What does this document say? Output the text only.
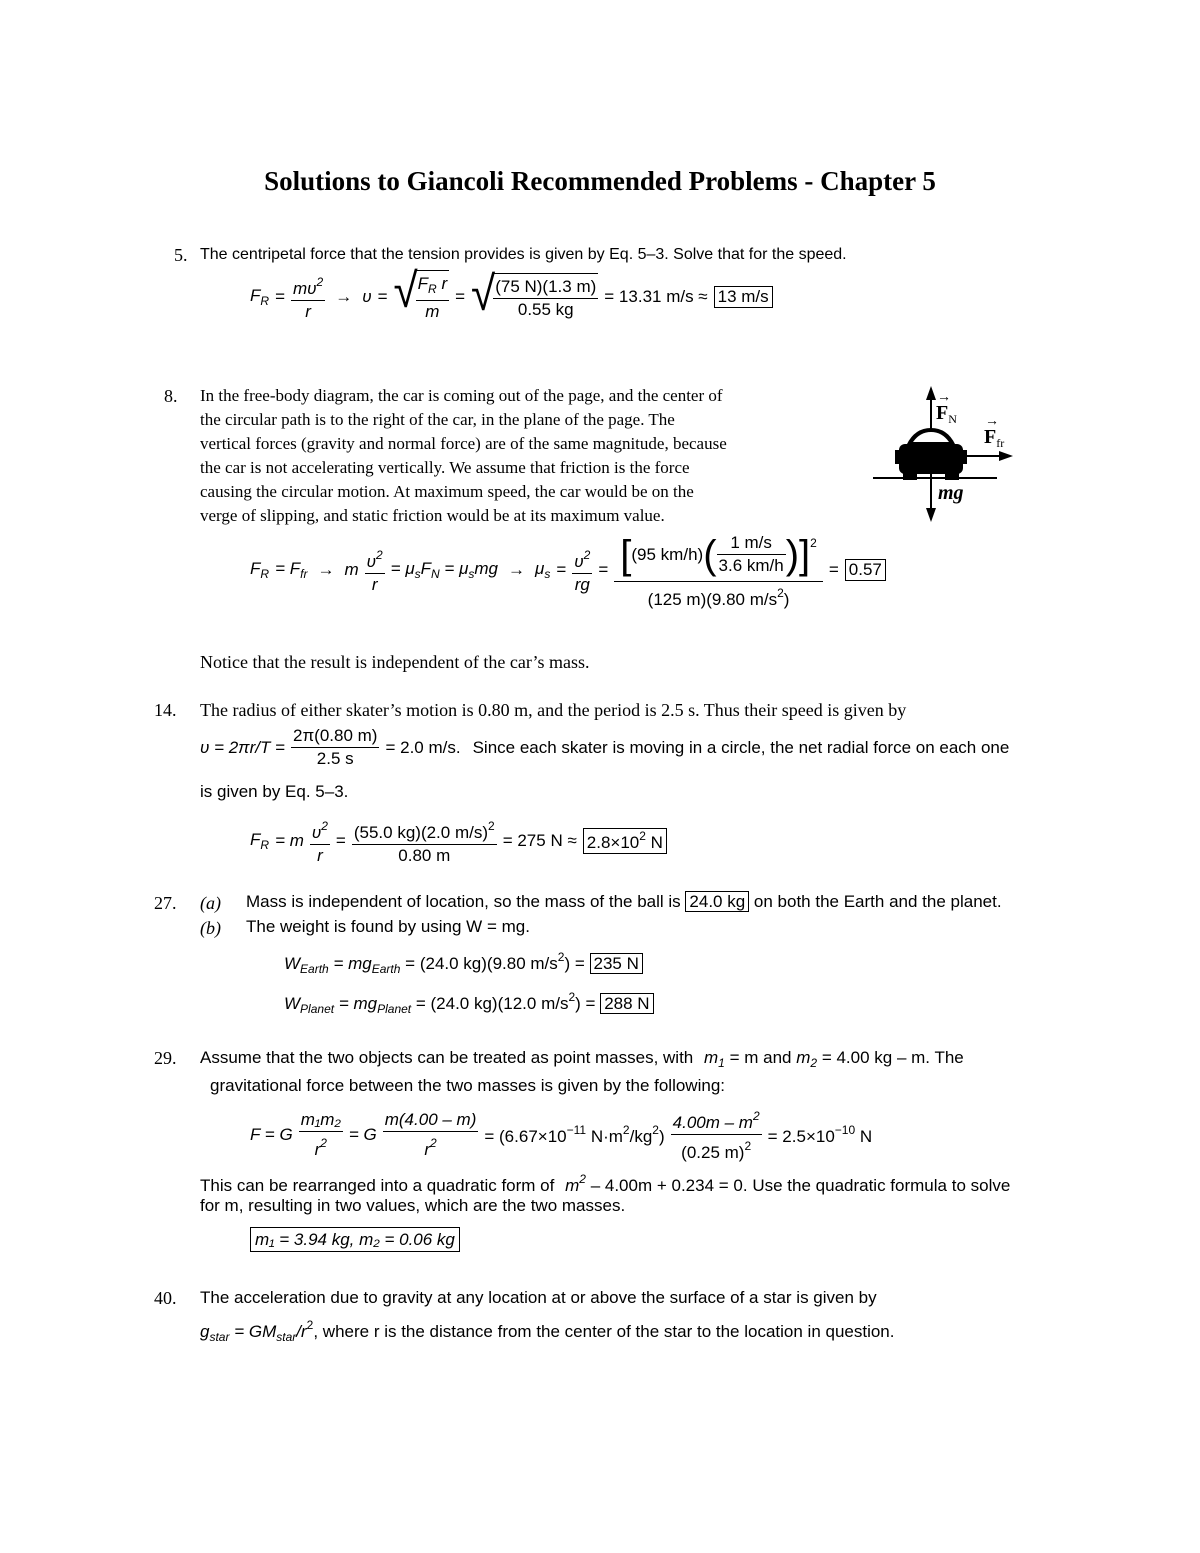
Solutions to Giancoli Recommended Problems - Chapter 5
5. The centripetal force that the tension provides is given by Eq. 5–3. Solve that for the speed.
$F_R = \frac{m\upsilon^2}{r} \to \upsilon$ = √
$\frac{F_R r}{m}$ = √
$\frac{(75 N)(1.3 m)}{0.55 kg} = 13.31$ m/s ≈ 13 m/s
8. In the free-body diagram, the car is coming out of the page, and the center of
the circular path is to the right of the car, in the plane of the page. The
vertical forces (gravity and normal force) are of the same magnitude, because
the car is not accelerating vertically. We assume that friction is the force
causing the circular motion. At maximum speed, the car would be on the
verge of slipping, and static friction would be at its maximum value.
→
$F_N$ →
$F_{fr}$
mg
$F_R = F_{fr} \to m \frac{\upsilon^2}{r} = \mu_sF_N = \mu_smg \to \mu_s = \frac{\upsilon^2}{rg}$ = [ (95 km/h) ( $\frac{1 m/s}{3.6 km/h}$ ) ] 2
(125 m)(9.80 $m/s^2$)
= 0.57
Notice that the result is independent of the car’s mass.
14. The radius of either skater’s motion is 0.80 m, and the period is 2.5 s. Thus their speed is given by
$\upsilon = 2\pi r/T = \frac{2\pi(0.80 m)}{2.5 s} = 2.0$ m/s. Since each skater is moving in a circle, the net radial force on each one
is given by Eq. 5–3.
$F_R = m \frac{\upsilon^2}{r} = \frac{(55.0 kg)(2.0 m/s)^2}{0.80 m} = 275$ $N \approx 2.8\times 10^2$ N
27. (a) Mass is independent of location, so the mass of the ball is 24.0 kg on both the Earth and the planet.
(b) The weight is found by using W = mg.
$W_{Earth} = mg_{Earth} = (24.0$ kg)(9.80 $m/s^2) = 235$ N
$W_{Planet} = mg_{Planet} = (24.0$ kg)(12.0 $m/s^2) = 288$ N
29. Assume that the two objects can be treated as point masses, with $m_1 = m$ and $m_2 = 4.00$ kg – m. The
gravitational force between the two masses is given by the following:
F = G $\frac{\text{m₁m₂}}{r^2} = G \frac{m(4.00 - m)}{r^2} = (6.67\times 10^{-11}$ $N\cdot m^2/kg^2) \frac{4.00m - m^2}{(0.25 m)^2} = 2.5\times 10^{-10}$ N
This can be rearranged into a quadratic form of $m^2 - 4.00m + 0.234 = 0$. Use the quadratic formula to solve
for m, resulting in two values, which are the two masses.
m₁ = 3.94 kg, m₂ = 0.06 kg
40. The acceleration due to gravity at any location at or above the surface of a star is given by
$g_{star} = GM_{star}/r^2$, where r is the distance from the center of the star to the location in question.
